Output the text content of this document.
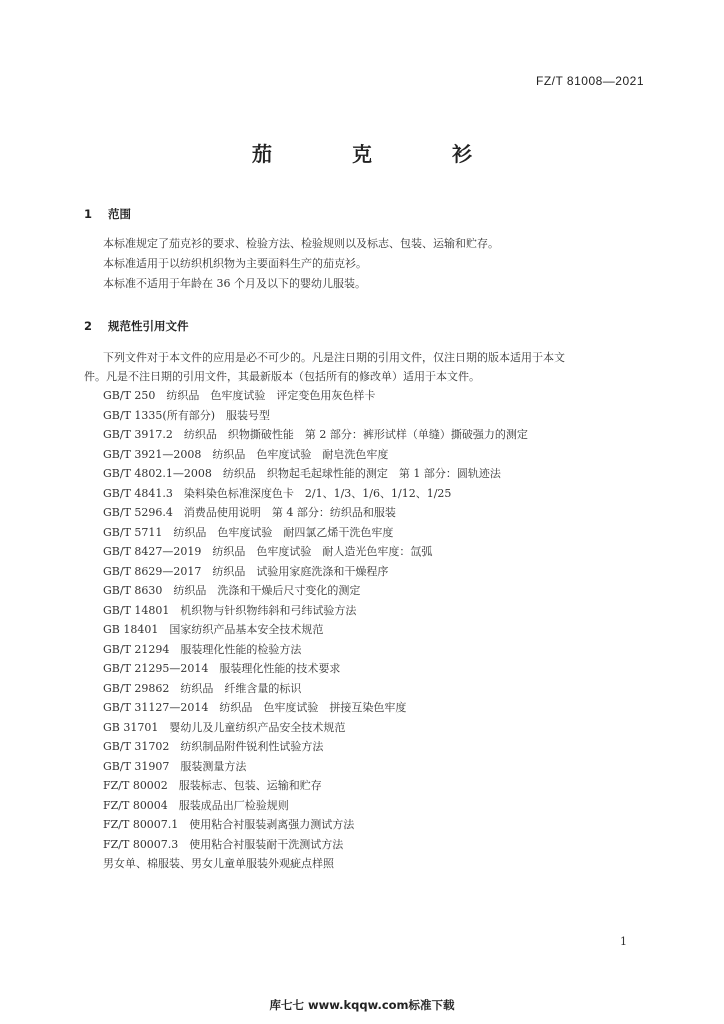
FZ/T 81008—2021
茄　克　衫
1 范围
本标准规定了茄克衫的要求、检验方法、检验规则以及标志、包装、运输和贮存。
本标准适用于以纺织机织物为主要面料生产的茄克衫。
本标准不适用于年龄在 36 个月及以下的婴幼儿服装。
2 规范性引用文件
下列文件对于本文件的应用是必不可少的。凡是注日期的引用文件，仅注日期的版本适用于本文
件。凡是不注日期的引用文件，其最新版本（包括所有的修改单）适用于本文件。
GB/T 250　纺织品　色牢度试验　评定变色用灰色样卡
GB/T 1335(所有部分)　服装号型
GB/T 3917.2　纺织品　织物撕破性能　第 2 部分：裤形试样（单缝）撕破强力的测定
GB/T 3921—2008　纺织品　色牢度试验　耐皂洗色牢度
GB/T 4802.1—2008　纺织品　织物起毛起球性能的测定　第 1 部分：圆轨迹法
GB/T 4841.3　染料染色标准深度色卡　2/1、1/3、1/6、1/12、1/25
GB/T 5296.4　消费品使用说明　第 4 部分：纺织品和服装
GB/T 5711　纺织品　色牢度试验　耐四氯乙烯干洗色牢度
GB/T 8427—2019　纺织品　色牢度试验　耐人造光色牢度：氙弧
GB/T 8629—2017　纺织品　试验用家庭洗涤和干燥程序
GB/T 8630　纺织品　洗涤和干燥后尺寸变化的测定
GB/T 14801　机织物与针织物纬斜和弓纬试验方法
GB 18401　国家纺织产品基本安全技术规范
GB/T 21294　服装理化性能的检验方法
GB/T 21295—2014　服装理化性能的技术要求
GB/T 29862　纺织品　纤维含量的标识
GB/T 31127—2014　纺织品　色牢度试验　拼接互染色牢度
GB 31701　婴幼儿及儿童纺织产品安全技术规范
GB/T 31702　纺织制品附件锐利性试验方法
GB/T 31907　服装测量方法
FZ/T 80002　服装标志、包装、运输和贮存
FZ/T 80004　服装成品出厂检验规则
FZ/T 80007.1　使用粘合衬服装剥离强力测试方法
FZ/T 80007.3　使用粘合衬服装耐干洗测试方法
男女单、棉服装、男女儿童单服装外观疵点样照
1
库七七 www.kqqw.com标准下载
